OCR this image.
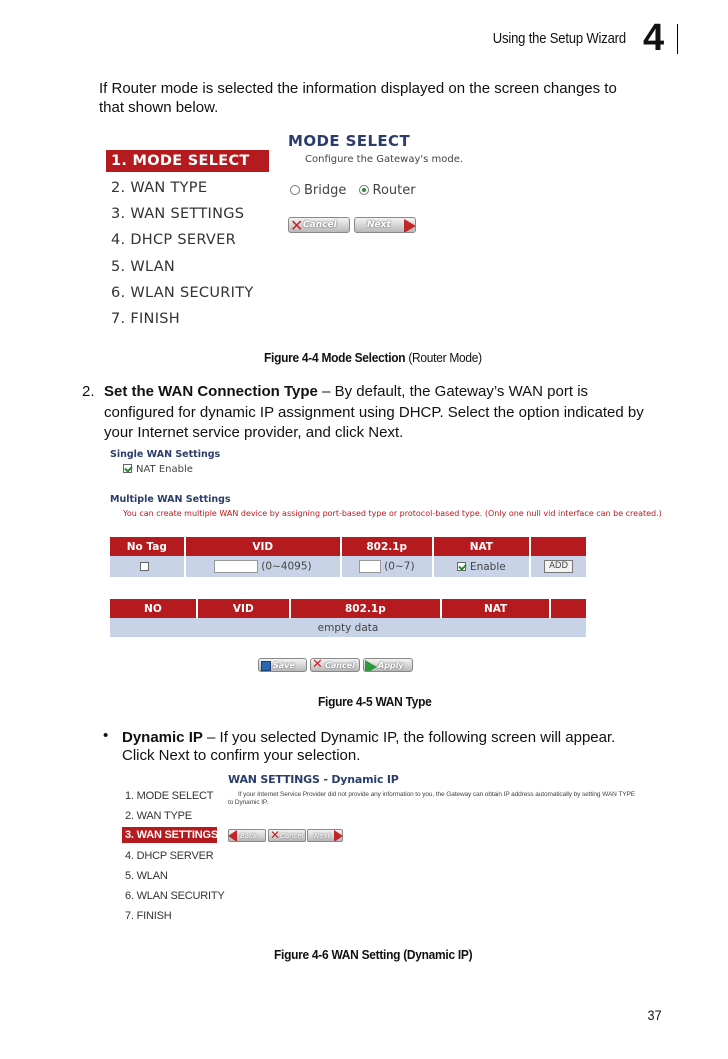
Using the Setup Wizard 4
If Router mode is selected the information displayed on the screen changes to
that shown below.
1. MODE SELECT
2. WAN TYPE
3. WAN SETTINGS
4. DHCP SERVER
5. WLAN
6. WLAN SECURITY
7. FINISH
MODE SELECT
Configure the Gateway's mode.
Bridge Router
✕ Cancel	Next
Figure 4-4 Mode Selection (Router Mode)
2. Set the WAN Connection Type – By default, the Gateway’s WAN port is
configured for dynamic IP assignment using DHCP. Select the option indicated by
your Internet service provider, and click Next.
Single WAN Settings
NAT Enable
Multiple WAN Settings
You can create multiple WAN device by assigning port-based type or protocol-based type. (Only one null vid interface can be created.)
No Tag	VID	802.1p	NAT	
	(0~4095)	(0~7)	Enable	ADD
NO	VID	802.1p	NAT	
empty data
Save ✕ Cancel	Apply
Figure 4-5 WAN Type
• Dynamic IP – If you selected Dynamic IP, the following screen will appear.
Click Next to confirm your selection.
1. MODE SELECT
2. WAN TYPE
3. WAN SETTINGS
4. DHCP SERVER
5. WLAN
6. WLAN SECURITY
7. FINISH
WAN SETTINGS - Dynamic IP
If your Internet Service Provider did not provide any information to you, the Gateway can obtain IP address automatically by setting WAN TYPE
to Dynamic IP.
Back ✕ Cancel Next
Figure 4-6 WAN Setting (Dynamic IP)
37
